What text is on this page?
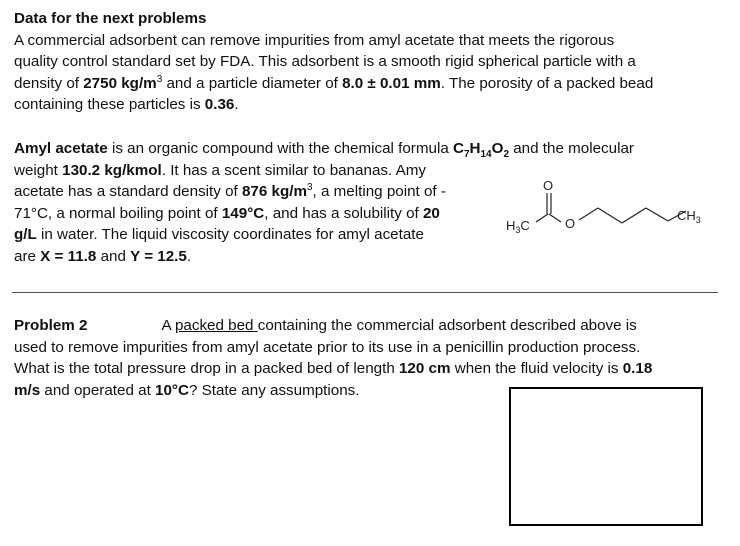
Data for the next problems
A commercial adsorbent can remove impurities from amyl acetate that meets the rigorous
quality control standard set by FDA. This adsorbent is a smooth rigid spherical particle with a
density of 2750 $kg/m^3$ and a particle diameter of 8.0 ± 0.01 mm. The porosity of a packed bead
containing these particles is 0.36.
Amyl acetate is an organic compound with the chemical formula $C_7H_{14}O_2$ and the molecular
weight 130.2 kg/kmol. It has a scent similar to bananas. Amy
acetate has a standard density of 876 $kg/m^3$, a melting point of -
71°C, a normal boiling point of 149°C, and has a solubility of 20
g/L in water. The liquid viscosity coordinates for amyl acetate
are X = 11.8 and Y = 12.5.
O
O
$H_3C$
$CH_3$
Problem 2	A packed bed containing the commercial adsorbent described above is
used to remove impurities from amyl acetate prior to its use in a penicillin production process.
What is the total pressure drop in a packed bed of length 120 cm when the fluid velocity is 0.18
m/s and operated at 10°C? State any assumptions.
